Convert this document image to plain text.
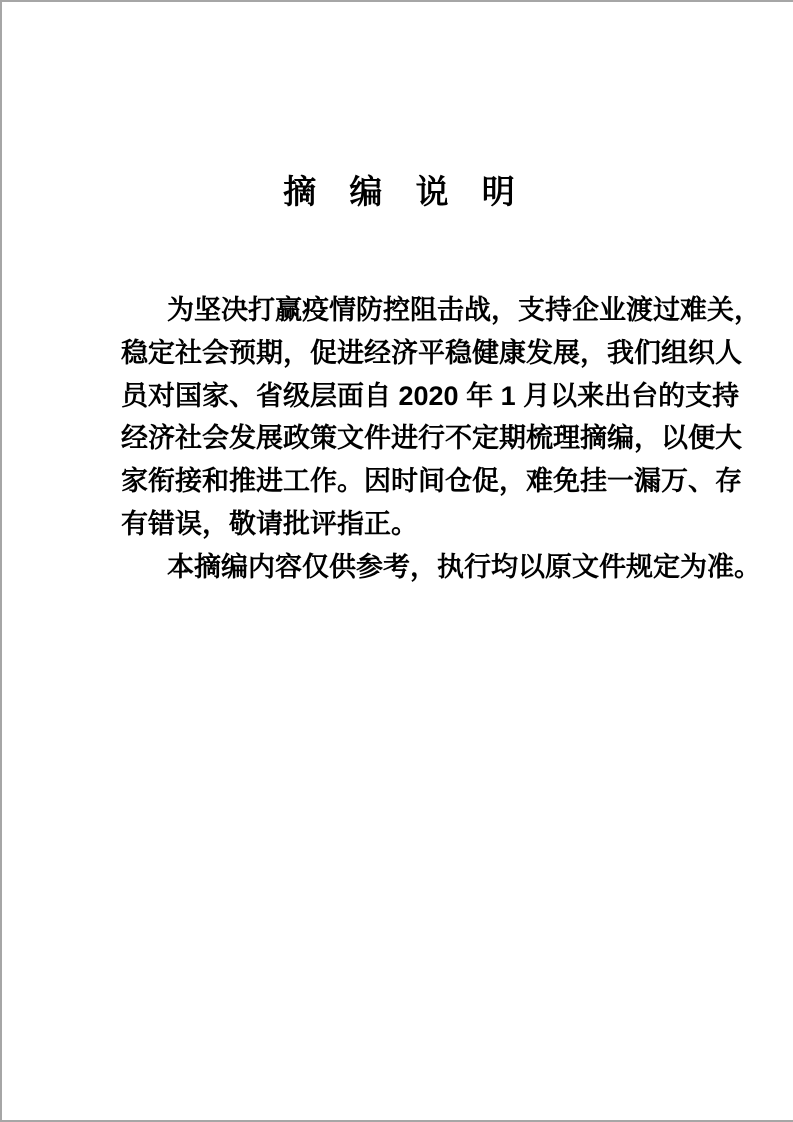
摘 编 说 明

为坚决打赢疫情防控阻击战，支持企业渡过难关，

稳定社会预期，促进经济平稳健康发展，我们组织人

员对国家、省级层面自 2020 年 1 月以来出台的支持

经济社会发展政策文件进行不定期梳理摘编，以便大

家衔接和推进工作。因时间仓促，难免挂一漏万、存

有错误，敬请批评指正。

本摘编内容仅供参考，执行均以原文件规定为准。
